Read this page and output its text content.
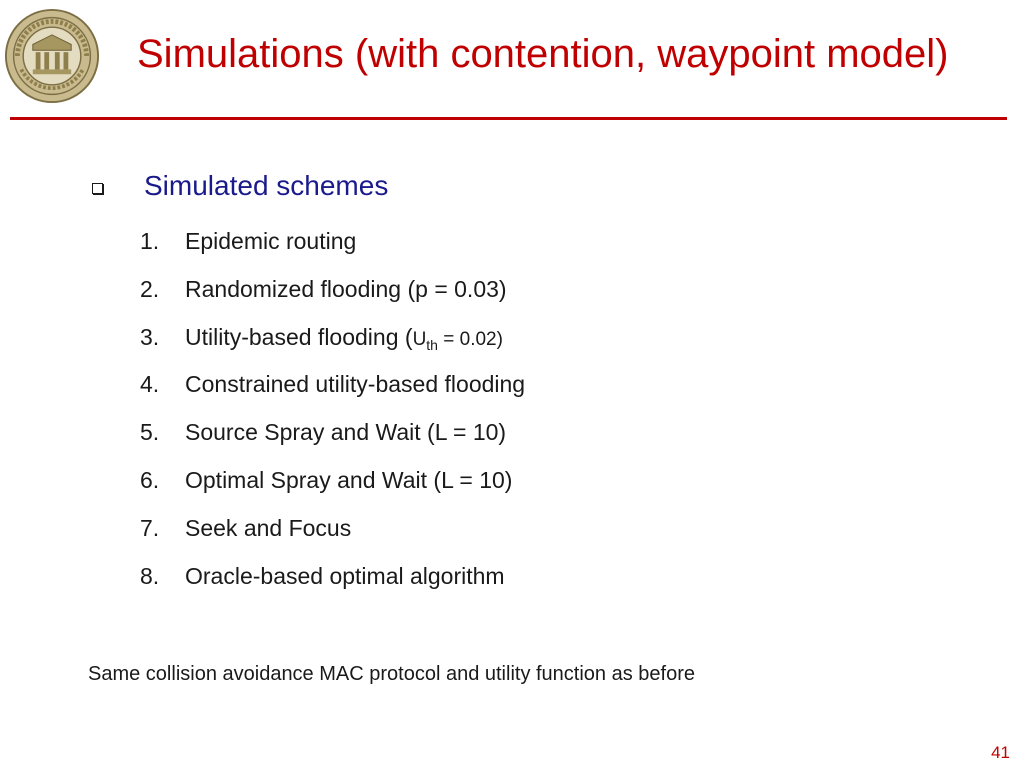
Simulations (with contention, waypoint model)
Simulated schemes
1. Epidemic routing
2. Randomized flooding (p = 0.03)
3. Utility-based flooding $(U_{th} = 0.02)$
4. Constrained utility-based flooding
5. Source Spray and Wait (L = 10)
6. Optimal Spray and Wait (L = 10)
7. Seek and Focus
8. Oracle-based optimal algorithm
Same collision avoidance MAC protocol and utility function as before
41
